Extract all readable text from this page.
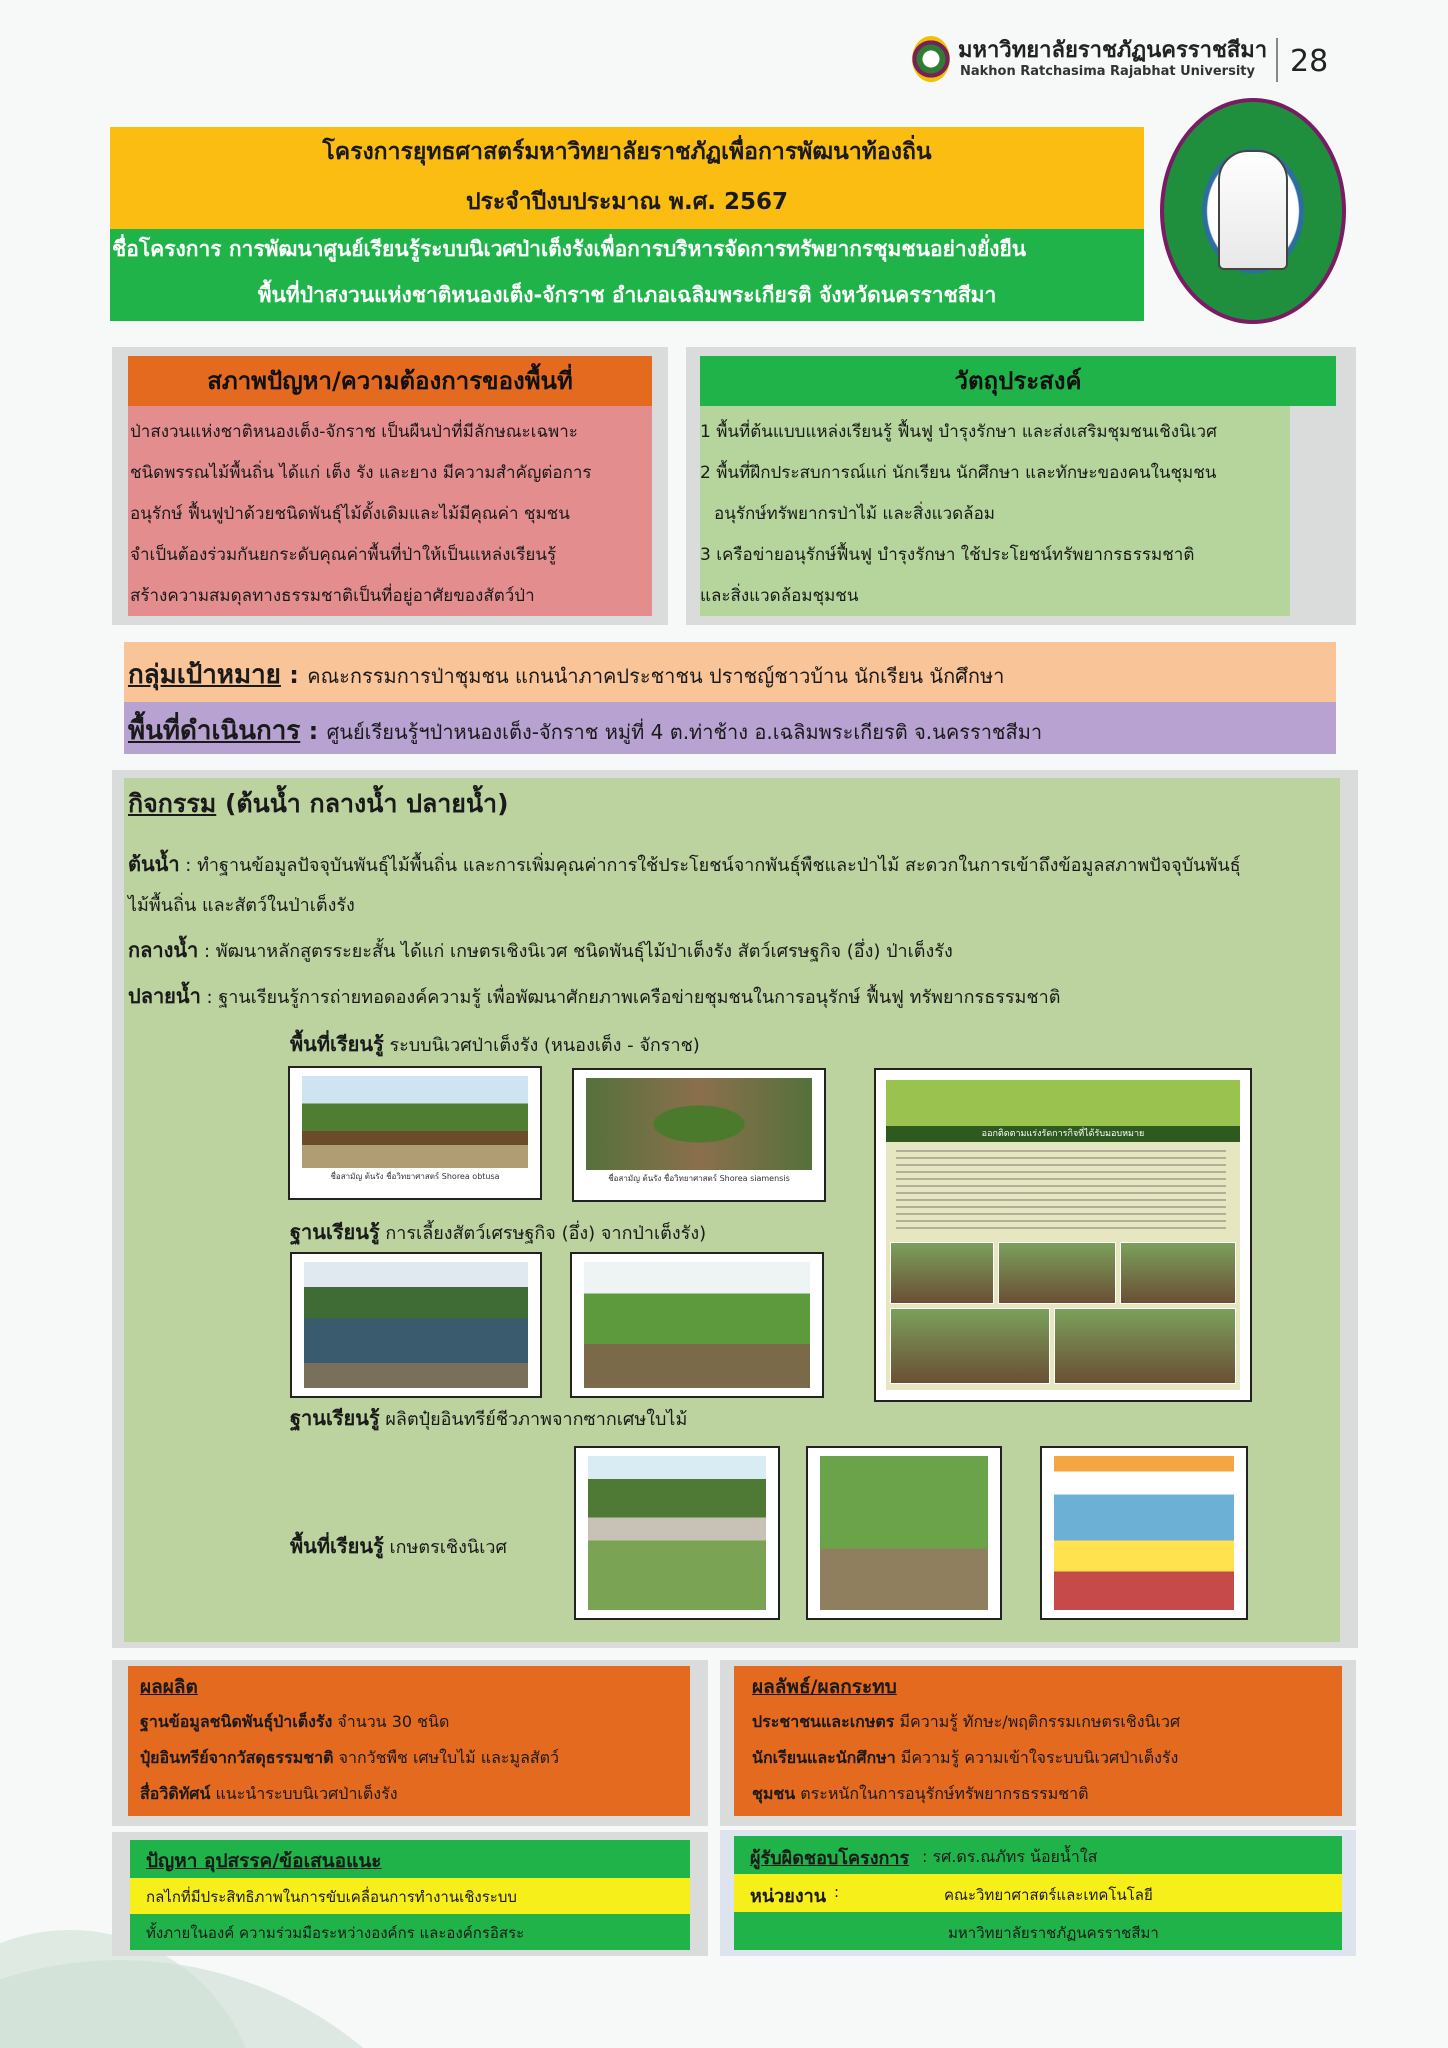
มหาวิทยาลัยราชภัฏนครราชสีมา
Nakhon Ratchasima Rajabhat University 28
โครงการยุทธศาสตร์มหาวิทยาลัยราชภัฏเพื่อการพัฒนาท้องถิ่น
ประจำปีงบประมาณ พ.ศ. 2567
ชื่อโครงการ การพัฒนาศูนย์เรียนรู้ระบบนิเวศป่าเต็งรังเพื่อการบริหารจัดการทรัพยากรชุมชนอย่างยั่งยืน
พื้นที่ป่าสงวนแห่งชาติหนองเต็ง-จักราช อำเภอเฉลิมพระเกียรติ จังหวัดนครราชสีมา
สภาพปัญหา/ความต้องการของพื้นที่
ป่าสงวนแห่งชาติหนองเต็ง-จักราช เป็นผืนป่าที่มีลักษณะเฉพาะ
ชนิดพรรณไม้พื้นถิ่น ได้แก่ เต็ง รัง และยาง มีความสำคัญต่อการ
อนุรักษ์ ฟื้นฟูป่าด้วยชนิดพันธุ์ไม้ดั้งเดิมและไม้มีคุณค่า ชุมชน
จำเป็นต้องร่วมกันยกระดับคุณค่าพื้นที่ป่าให้เป็นแหล่งเรียนรู้
สร้างความสมดุลทางธรรมชาติเป็นที่อยู่อาศัยของสัตว์ป่า
วัตถุประสงค์
1 พื้นที่ต้นแบบแหล่งเรียนรู้ ฟื้นฟู บำรุงรักษา และส่งเสริมชุมชนเชิงนิเวศ
2 พื้นที่ฝึกประสบการณ์แก่ นักเรียน นักศึกษา และทักษะของคนในชุมชน
อนุรักษ์ทรัพยากรป่าไม้ และสิ่งแวดล้อม
3 เครือข่ายอนุรักษ์ฟื้นฟู บำรุงรักษา ใช้ประโยชน์ทรัพยากรธรรมชาติ
และสิ่งแวดล้อมชุมชน
กลุ่มเป้าหมาย : คณะกรรมการป่าชุมชน แกนนำภาคประชาชน ปราชญ์ชาวบ้าน นักเรียน นักศึกษา
พื้นที่ดำเนินการ : ศูนย์เรียนรู้ฯป่าหนองเต็ง-จักราช หมู่ที่ 4 ต.ท่าช้าง อ.เฉลิมพระเกียรติ จ.นครราชสีมา
กิจกรรม (ต้นน้ำ กลางน้ำ ปลายน้ำ)
ต้นน้ำ : ทำฐานข้อมูลปัจจุบันพันธุ์ไม้พื้นถิ่น และการเพิ่มคุณค่าการใช้ประโยชน์จากพันธุ์พืชและป่าไม้ สะดวกในการเข้าถึงข้อมูลสภาพปัจจุบันพันธุ์
ไม้พื้นถิ่น และสัตว์ในป่าเต็งรัง
กลางน้ำ : พัฒนาหลักสูตรระยะสั้น ได้แก่ เกษตรเชิงนิเวศ ชนิดพันธุ์ไม้ป่าเต็งรัง สัตว์เศรษฐกิจ (อึ่ง) ป่าเต็งรัง
ปลายน้ำ : ฐานเรียนรู้การถ่ายทอดองค์ความรู้ เพื่อพัฒนาศักยภาพเครือข่ายชุมชนในการอนุรักษ์ ฟื้นฟู ทรัพยากรธรรมชาติ
พื้นที่เรียนรู้ ระบบนิเวศป่าเต็งรัง (หนองเต็ง - จักราช)
ชื่อสามัญ ต้นรัง ชื่อวิทยาศาสตร์ Shorea obtusa	ชื่อสามัญ ต้นรัง ชื่อวิทยาศาสตร์ Shorea siamensis
ออกติดตามแร่งรัดการกิจที่ได้รับมอบหมาย
ฐานเรียนรู้ การเลี้ยงสัตว์เศรษฐกิจ (อึ่ง) จากป่าเต็งรัง)
ฐานเรียนรู้ ผลิตปุ๋ยอินทรีย์ชีวภาพจากซากเศษใบไม้
พื้นที่เรียนรู้ เกษตรเชิงนิเวศ
ผลผลิต
ฐานข้อมูลชนิดพันธุ์ป่าเต็งรัง จำนวน 30 ชนิด
ปุ๋ยอินทรีย์จากวัสดุธรรมชาติ จากวัชพืช เศษใบไม้ และมูลสัตว์
สื่อวิดิทัศน์ แนะนำระบบนิเวศป่าเต็งรัง
ผลลัพธ์/ผลกระทบ
ประชาชนและเกษตร มีความรู้ ทักษะ/พฤติกรรมเกษตรเชิงนิเวศ
นักเรียนและนักศึกษา มีความรู้ ความเข้าใจระบบนิเวศป่าเต็งรัง
ชุมชน ตระหนักในการอนุรักษ์ทรัพยากรธรรมชาติ
ปัญหา อุปสรรค/ข้อเสนอแนะ
กลไกที่มีประสิทธิภาพในการขับเคลื่อนการทำงานเชิงระบบ
ทั้งภายในองค์ ความร่วมมือระหว่างองค์กร และองค์กรอิสระ
ผู้รับผิดชอบโครงการ : รศ.ดร.ณภัทร น้อยน้ำใส
หน่วยงาน :	คณะวิทยาศาสตร์และเทคโนโลยี
มหาวิทยาลัยราชภัฏนครราชสีมา
